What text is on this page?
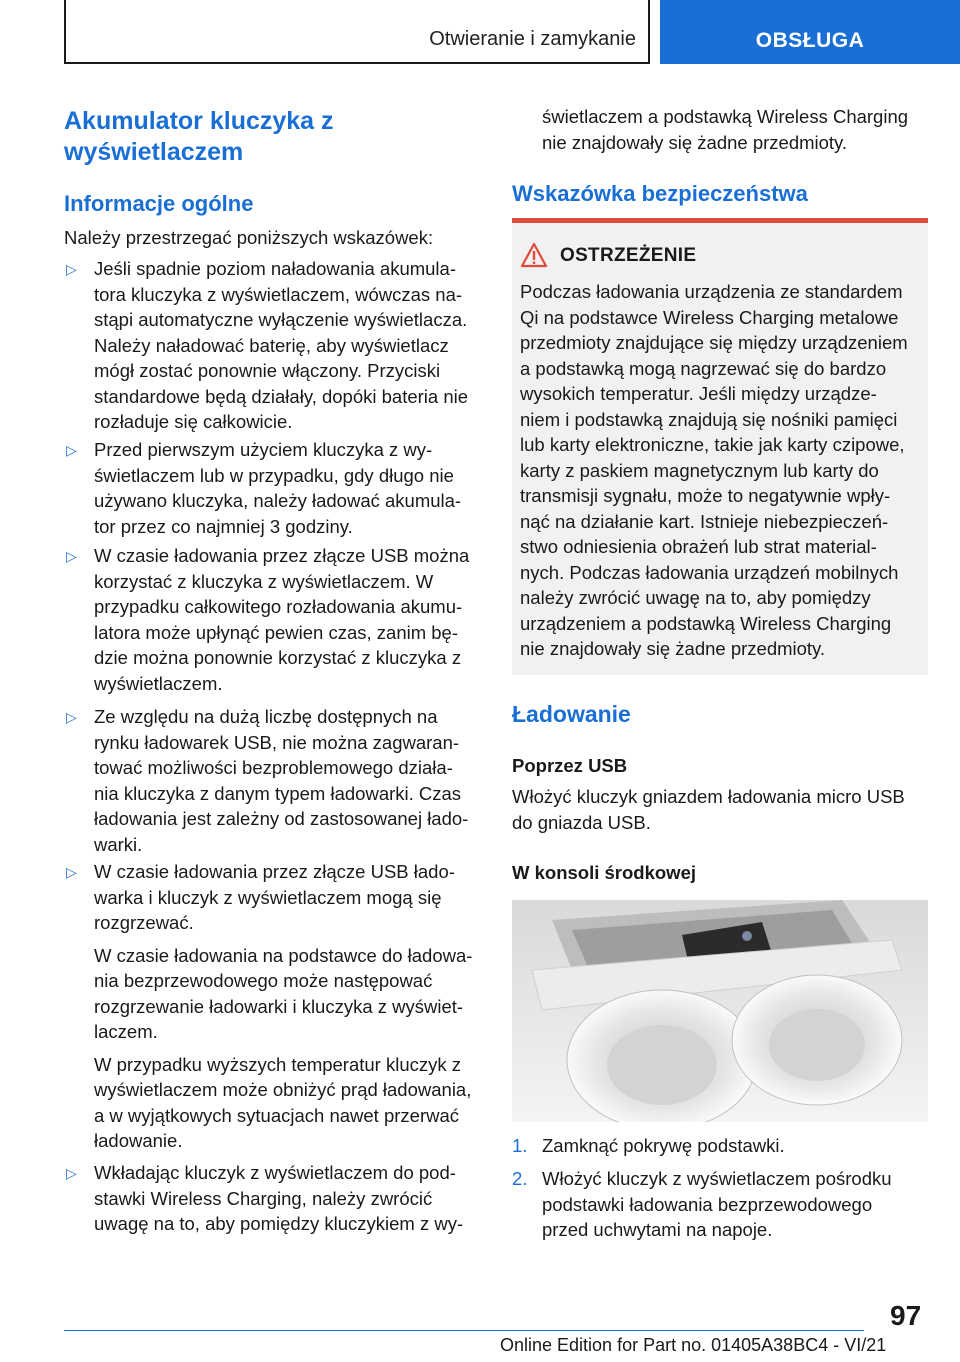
Otwieranie i zamykanie	OBSŁUGA
Akumulator kluczyka z
wyświetlaczem
Informacje ogólne
Należy przestrzegać poniższych wskazówek:
▷ Jeśli spadnie poziom naładowania akumula-
tora kluczyka z wyświetlaczem, wówczas na-
stąpi automatyczne wyłączenie wyświetlacza.
Należy naładować baterię, aby wyświetlacz
mógł zostać ponownie włączony. Przyciski
standardowe będą działały, dopóki bateria nie
rozładuje się całkowicie.
▷ Przed pierwszym użyciem kluczyka z wy-
świetlaczem lub w przypadku, gdy długo nie
używano kluczyka, należy ładować akumula-
tor przez co najmniej 3 godziny.
▷ W czasie ładowania przez złącze USB można
korzystać z kluczyka z wyświetlaczem. W
przypadku całkowitego rozładowania akumu-
latora może upłynąć pewien czas, zanim bę-
dzie można ponownie korzystać z kluczyka z
wyświetlaczem.
▷ Ze względu na dużą liczbę dostępnych na
rynku ładowarek USB, nie można zagwaran-
tować możliwości bezproblemowego działa-
nia kluczyka z danym typem ładowarki. Czas
ładowania jest zależny od zastosowanej łado-
warki.
▷ W czasie ładowania przez złącze USB łado-
warka i kluczyk z wyświetlaczem mogą się
rozgrzewać.
W czasie ładowania na podstawce do ładowa-
nia bezprzewodowego może następować
rozgrzewanie ładowarki i kluczyka z wyświet-
laczem.
W przypadku wyższych temperatur kluczyk z
wyświetlaczem może obniżyć prąd ładowania,
a w wyjątkowych sytuacjach nawet przerwać
ładowanie.
▷ Wkładając kluczyk z wyświetlaczem do pod-
stawki Wireless Charging, należy zwrócić
uwagę na to, aby pomiędzy kluczykiem z wy-
świetlaczem a podstawką Wireless Charging
nie znajdowały się żadne przedmioty.
Wskazówka bezpieczeństwa
OSTRZEŻENIE
Podczas ładowania urządzenia ze standardem
Qi na podstawce Wireless Charging metalowe
przedmioty znajdujące się między urządzeniem
a podstawką mogą nagrzewać się do bardzo
wysokich temperatur. Jeśli między urządze-
niem i podstawką znajdują się nośniki pamięci
lub karty elektroniczne, takie jak karty czipowe,
karty z paskiem magnetycznym lub karty do
transmisji sygnału, może to negatywnie wpły-
nąć na działanie kart. Istnieje niebezpieczeń-
stwo odniesienia obrażeń lub strat material-
nych. Podczas ładowania urządzeń mobilnych
należy zwrócić uwagę na to, aby pomiędzy
urządzeniem a podstawką Wireless Charging
nie znajdowały się żadne przedmioty.
Ładowanie
Poprzez USB
Włożyć kluczyk gniazdem ładowania micro USB
do gniazda USB.
W konsoli środkowej
1. Zamknąć pokrywę podstawki.
2. Włożyć kluczyk z wyświetlaczem pośrodku
podstawki ładowania bezprzewodowego
przed uchwytami na napoje.
97
Online Edition for Part no. 01405A38BC4 - VI/21
